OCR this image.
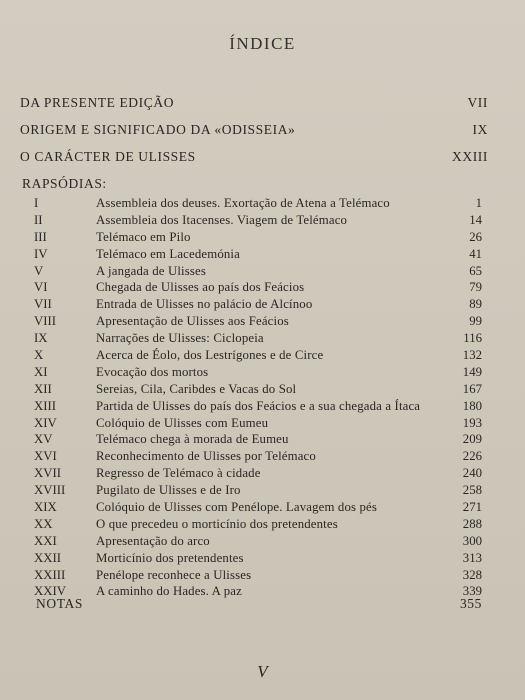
ÍNDICE
DA PRESENTE EDIÇÃO	VII
ORIGEM E SIGNIFICADO DA «ODISSEIA»	IX
O CARÁCTER DE ULISSES	XXIII
RAPSÓDIAS:
I	Assembleia dos deuses. Exortação de Atena a Telémaco	1
II	Assembleia dos Itacenses. Viagem de Telémaco	14
III	Telémaco em Pilo	26
IV	Telémaco em Lacedemónia	41
V	A jangada de Ulisses	65
VI	Chegada de Ulisses ao país dos Feácios	79
VII	Entrada de Ulisses no palácio de Alcínoo	89
VIII	Apresentação de Ulisses aos Feácios	99
IX	Narrações de Ulisses: Ciclopeia	116
X	Acerca de Éolo, dos Lestrígones e de Circe	132
XI	Evocação dos mortos	149
XII	Sereias, Cila, Caribdes e Vacas do Sol	167
XIII	Partida de Ulisses do país dos Feácios e a sua chegada a Ítaca	180
XIV	Colóquio de Ulisses com Eumeu	193
XV	Telémaco chega à morada de Eumeu	209
XVI	Reconhecimento de Ulisses por Telémaco	226
XVII	Regresso de Telémaco à cidade	240
XVIII Pugilato de Ulisses e de Iro	258
XIX	Colóquio de Ulisses com Penélope. Lavagem dos pés	271
XX	O que precedeu o morticínio dos pretendentes	288
XXI	Apresentação do arco	300
XXII	Morticínio dos pretendentes	313
XXIII Penélope reconhece a Ulisses	328
XXIV A caminho do Hades. A paz	339
NOTAS	355
V
